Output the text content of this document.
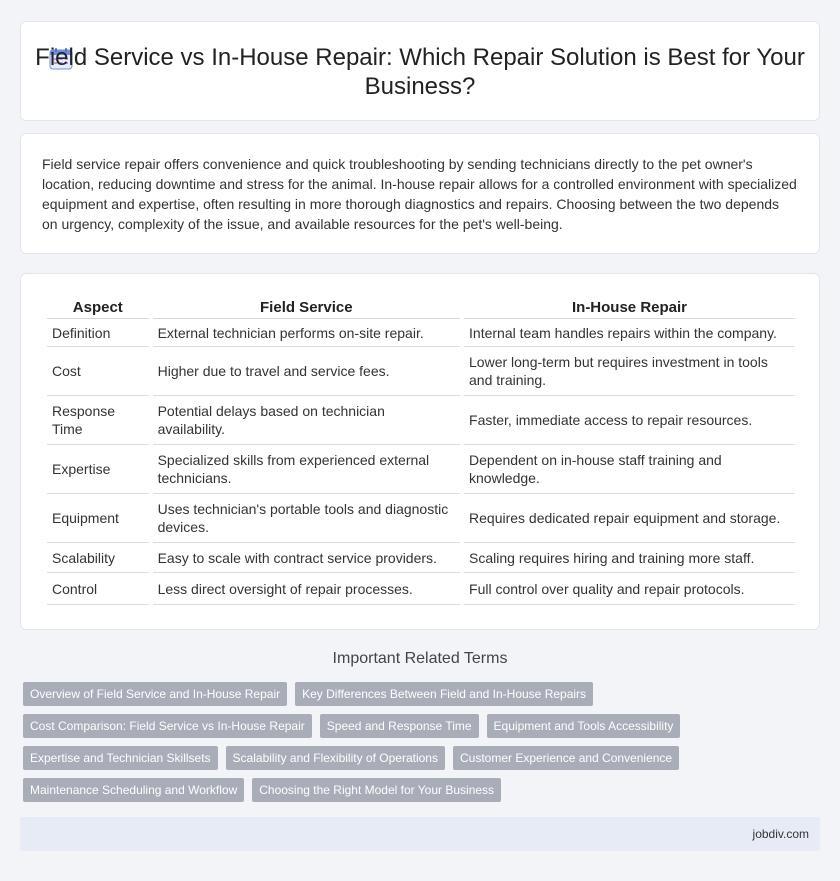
Field Service vs In-House Repair: Which Repair Solution is Best for Your Business?

Field service repair offers convenience and quick troubleshooting by sending technicians directly to the pet owner's location, reducing downtime and stress for the animal. In-house repair allows for a controlled environment with specialized equipment and expertise, often resulting in more thorough diagnostics and repairs. Choosing between the two depends on urgency, complexity of the issue, and available resources for the pet's well-being.

Aspect	Field Service	In-House Repair
Definition	External technician performs on-site repair.	Internal team handles repairs within the company.
Cost	Higher due to travel and service fees.	Lower long-term but requires investment in tools and training.
Response Time	Potential delays based on technician availability.	Faster, immediate access to repair resources.
Expertise	Specialized skills from experienced external technicians.	Dependent on in-house staff training and knowledge.
Equipment	Uses technician's portable tools and diagnostic devices.	Requires dedicated repair equipment and storage.
Scalability	Easy to scale with contract service providers.	Scaling requires hiring and training more staff.
Control	Less direct oversight of repair processes.	Full control over quality and repair protocols.
Important Related Terms
Overview of Field Service and In-House Repair	Key Differences Between Field and In-House Repairs
Cost Comparison: Field Service vs In-House Repair	Speed and Response Time	Equipment and Tools Accessibility
Expertise and Technician Skillsets	Scalability and Flexibility of Operations	Customer Experience and Convenience
Maintenance Scheduling and Workflow	Choosing the Right Model for Your Business
jobdiv.com
